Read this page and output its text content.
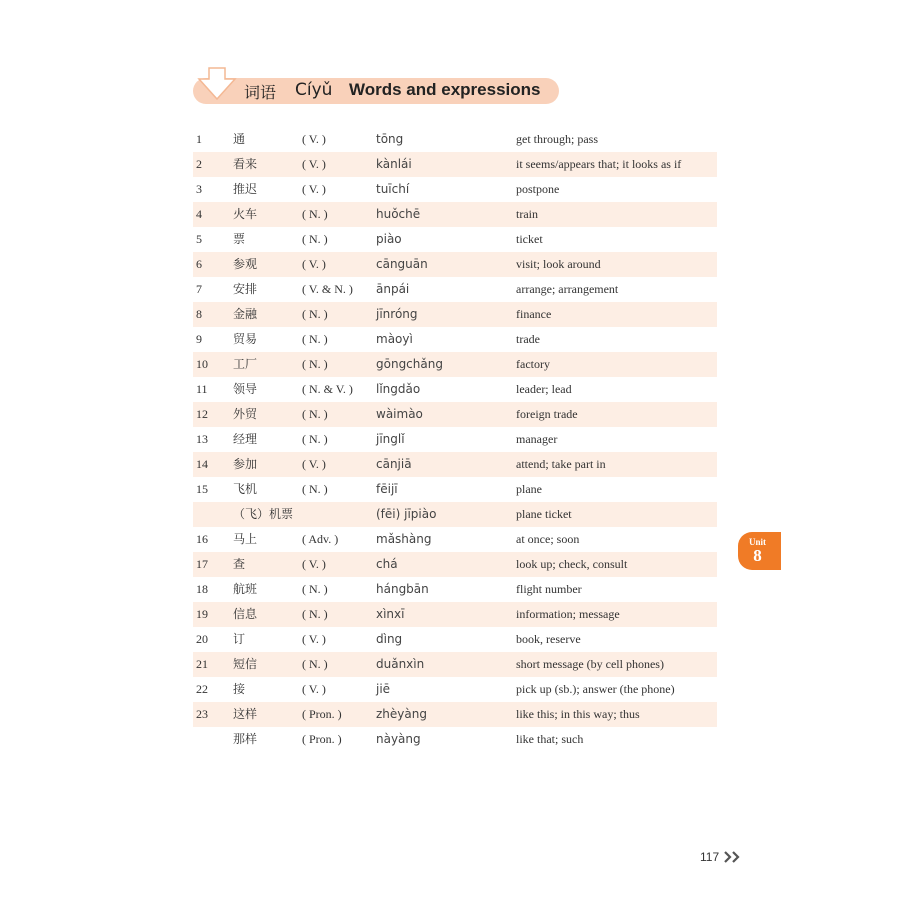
词语 Cíyǔ Words and expressions
1	通	( V. )	tōng	get through; pass
2	看来	( V. )	kànlái	it seems/appears that; it looks as if
3	推迟	( V. )	tuīchí	postpone
4	火车	( N. )	huǒchē	train
5	票	( N. )	piào	ticket
6	参观	( V. )	cānguān	visit; look around
7	安排	( V. & N. ) ānpái	arrange; arrangement
8	金融	( N. )	jīnróng	finance
9	贸易	( N. )	màoyì	trade
10 工厂	( N. )	gōngchǎng	factory
11 领导	( N. & V. ) lǐngdǎo	leader; lead
12 外贸	( N. )	wàimào	foreign trade
13 经理	( N. )	jīnglǐ	manager
14 参加	( V. )	cānjiā	attend; take part in
15 飞机	( N. )	fēijī	plane
（飞）机票	(fēi) jīpiào	plane ticket
16 马上	( Adv. )	mǎshàng	at once; soon
17 查	( V. )	chá	look up; check, consult
18 航班	( N. )	hángbān	flight number
19 信息	( N. )	xìnxī	information; message
20 订	( V. )	dìng	book, reserve
21 短信	( N. )	duǎnxìn	short message (by cell phones)
22 接	( V. )	jiē	pick up (sb.); answer (the phone)
23 这样	( Pron. )	zhèyàng	like this; in this way; thus
那样	( Pron. )	nàyàng	like that; such
Unit
8
117
